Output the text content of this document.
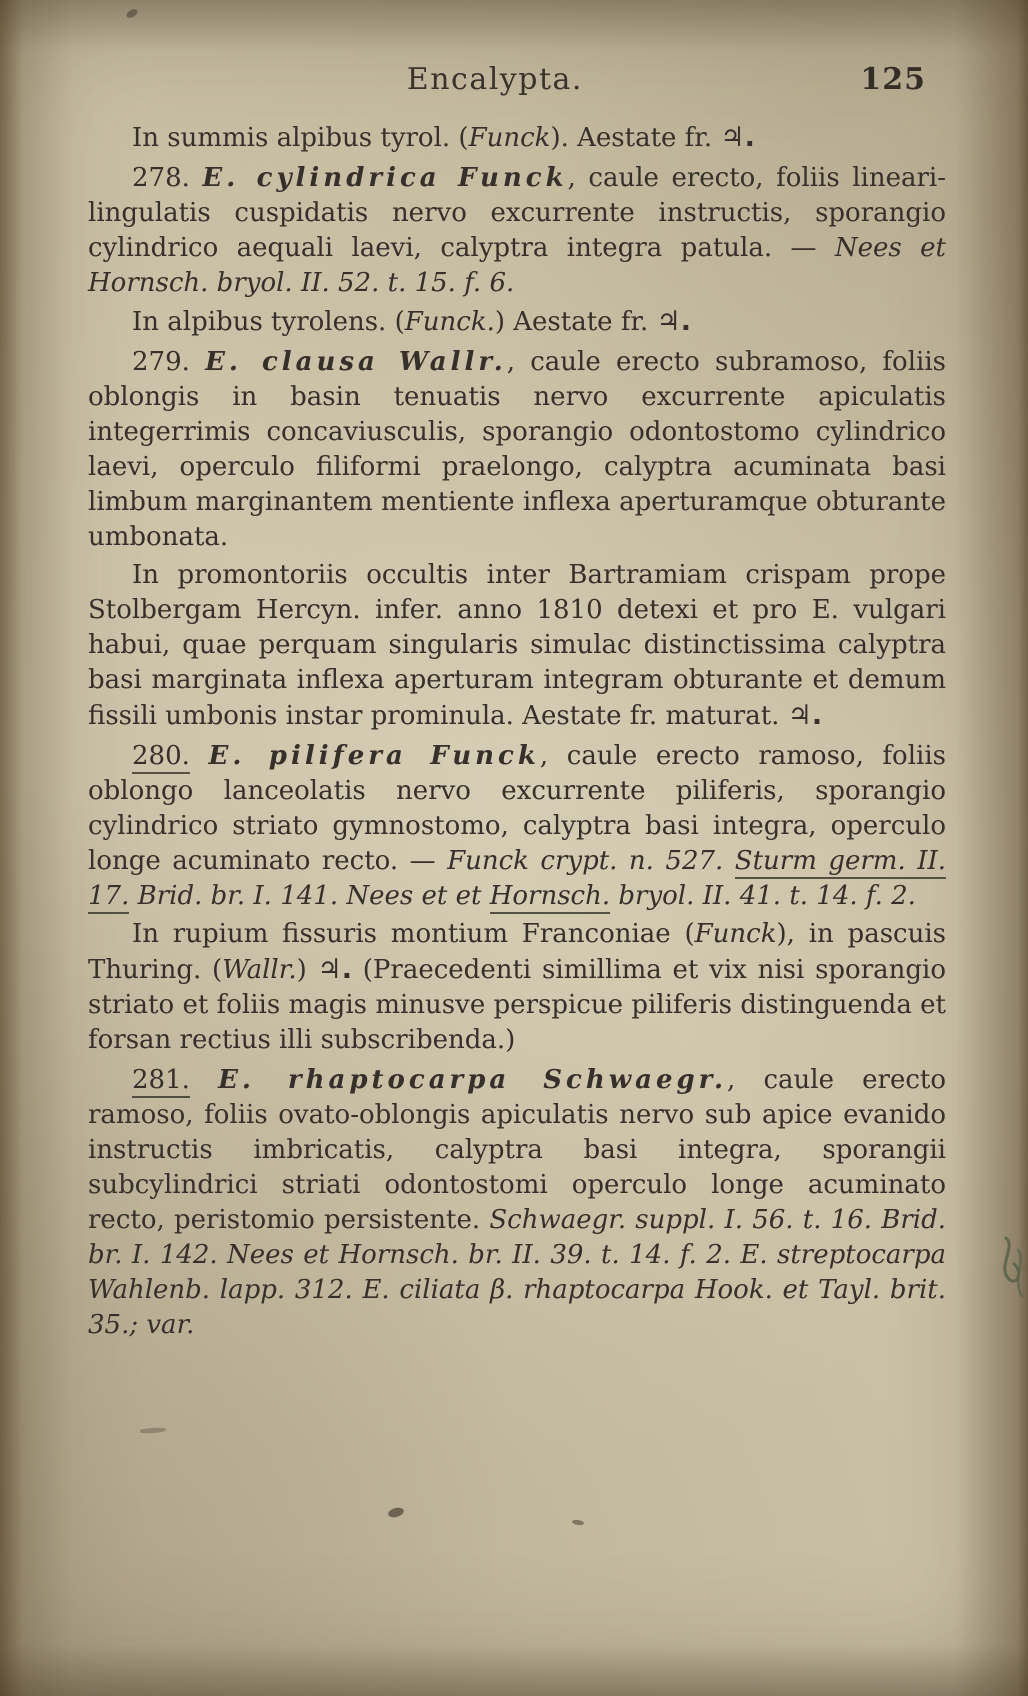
Encalypta.	125

In summis alpibus tyrol. (Funck). Aestate fr. ♃.

278. E. cylindrica Funck, caule erecto, foliis lineari-lingulatis cuspidatis nervo excurrente instructis, sporangio cylindrico aequali laevi, calyptra integra patula. — Nees et Hornsch. bryol. II. 52. t. 15. f. 6.

In alpibus tyrolens. (Funck.) Aestate fr. ♃.

279. E. clausa Wallr., caule erecto subramoso, foliis oblongis in basin tenuatis nervo excurrente apiculatis integerrimis concaviusculis, sporangio odontostomo cylindrico laevi, operculo filiformi praelongo, calyptra acuminata basi limbum marginantem mentiente inflexa aperturamque obturante umbonata.

In promontoriis occultis inter Bartramiam crispam prope Stolbergam Hercyn. infer. anno 1810 detexi et pro E. vulgari habui, quae perquam singularis simulac distinctissima calyptra basi marginata inflexa aperturam integram obturante et demum fissili umbonis instar prominula. Aestate fr. maturat. ♃.

280. E. pilifera Funck, caule erecto ramoso, foliis oblongo lanceolatis nervo excurrente piliferis, sporangio cylindrico striato gymnostomo, calyptra basi integra, operculo longe acuminato recto. — Funck crypt. n. 527. Sturm germ. II. 17. Brid. br. I. 141. Nees et et Hornsch. bryol. II. 41. t. 14. f. 2.

In rupium fissuris montium Franconiae (Funck), in pascuis Thuring. (Wallr.) ♃. (Praecedenti simillima et vix nisi sporangio striato et foliis magis minusve perspicue piliferis distinguenda et forsan rectius illi subscribenda.)

281. E. rhaptocarpa Schwaegr., caule erecto ramoso, foliis ovato-oblongis apiculatis nervo sub apice evanido instructis imbricatis, calyptra basi integra, sporangii subcylindrici striati odontostomi operculo longe acuminato recto, peristomio persistente. Schwaegr. suppl. I. 56. t. 16. Brid. br. I. 142. Nees et Hornsch. br. II. 39. t. 14. f. 2. E. streptocarpa Wahlenb. lapp. 312. E. ciliata β. rhaptocarpa Hook. et Tayl. brit. 35.; var.
